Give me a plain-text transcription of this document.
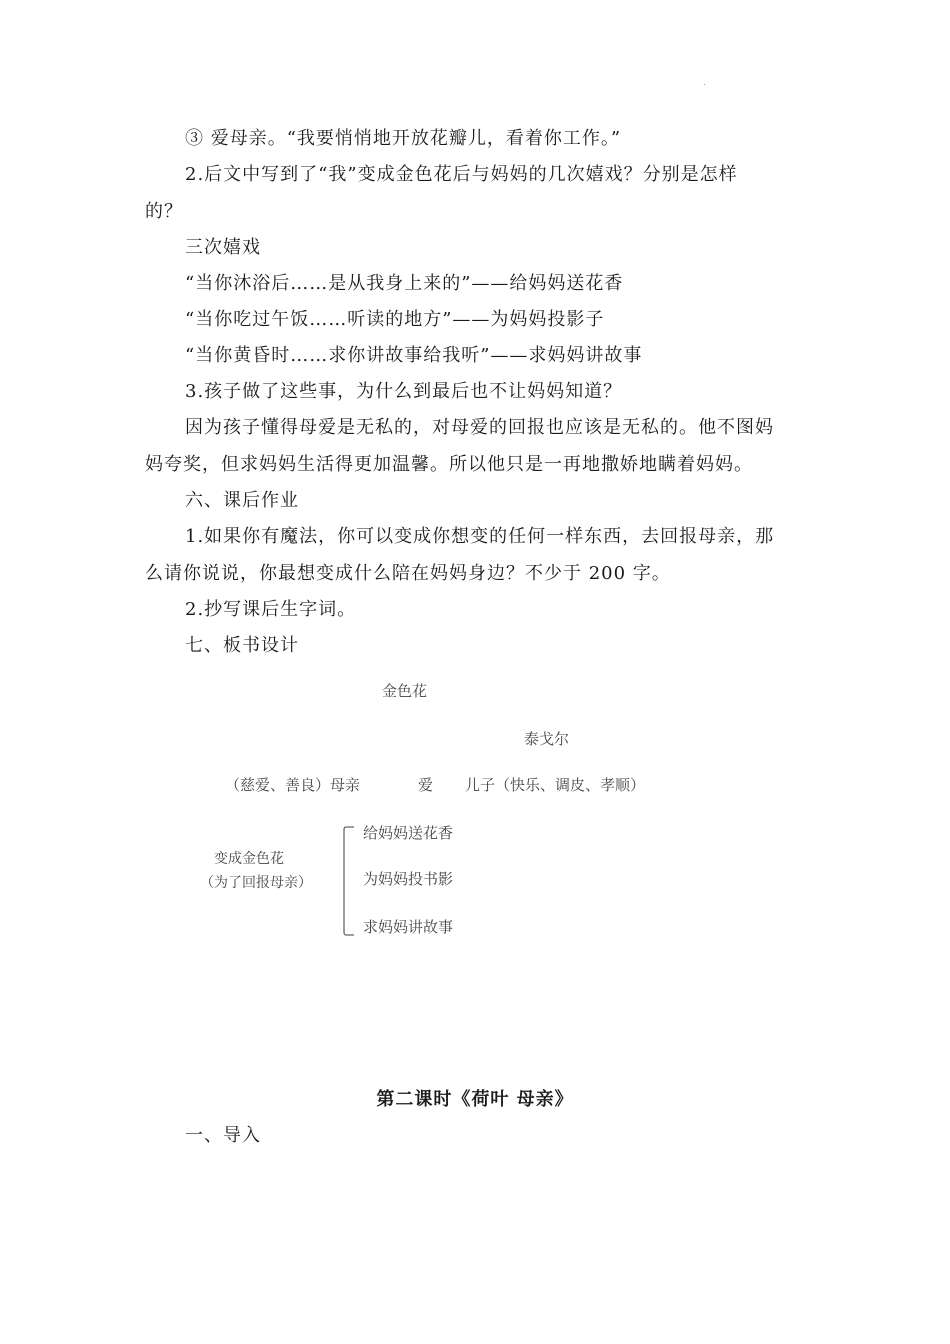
.
③ 爱母亲。“我要悄悄地开放花瓣儿，看着你工作。”
2.后文中写到了“我”变成金色花后与妈妈的几次嬉戏？分别是怎样
的？
三次嬉戏
“当你沐浴后……是从我身上来的”——给妈妈送花香
“当你吃过午饭……听读的地方”——为妈妈投影子
“当你黄昏时……求你讲故事给我听”——求妈妈讲故事
3.孩子做了这些事，为什么到最后也不让妈妈知道？
因为孩子懂得母爱是无私的，对母爱的回报也应该是无私的。他不图妈
妈夸奖，但求妈妈生活得更加温馨。所以他只是一再地撒娇地瞒着妈妈。
六、课后作业
1.如果你有魔法，你可以变成你想变的任何一样东西，去回报母亲，那
么请你说说，你最想变成什么陪在妈妈身边？不少于 200 字。
2.抄写课后生字词。
七、板书设计
金色花
泰戈尔
（慈爱、善良）母亲	爱 儿子（快乐、调皮、孝顺）
变成金色花
（为了回报母亲）
给妈妈送花香
为妈妈投书影
求妈妈讲故事
第二课时《荷叶 母亲》
一、导入
